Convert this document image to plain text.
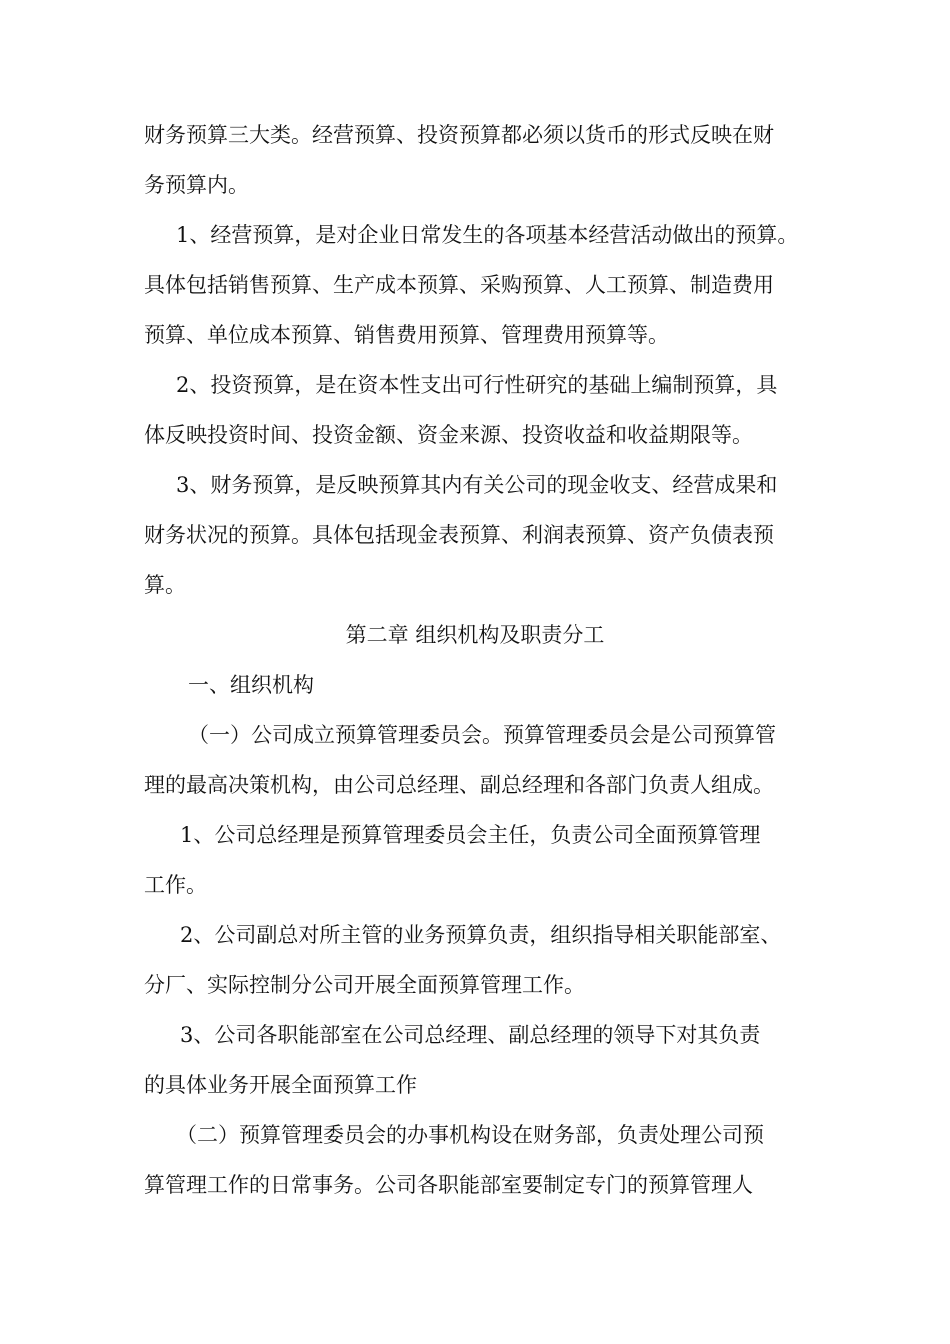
财务预算三大类。经营预算、投资预算都必须以货币的形式反映在财
务预算内。
1、经营预算，是对企业日常发生的各项基本经营活动做出的预算。
具体包括销售预算、生产成本预算、采购预算、人工预算、制造费用
预算、单位成本预算、销售费用预算、管理费用预算等。
2、投资预算，是在资本性支出可行性研究的基础上编制预算，具
体反映投资时间、投资金额、资金来源、投资收益和收益期限等。
3、财务预算，是反映预算其内有关公司的现金收支、经营成果和
财务状况的预算。具体包括现金表预算、利润表预算、资产负债表预
算。
第二章 组织机构及职责分工
一、组织机构
（一）公司成立预算管理委员会。预算管理委员会是公司预算管
理的最高决策机构，由公司总经理、副总经理和各部门负责人组成。
1、公司总经理是预算管理委员会主任，负责公司全面预算管理
工作。
2、公司副总对所主管的业务预算负责，组织指导相关职能部室、
分厂、实际控制分公司开展全面预算管理工作。
3、公司各职能部室在公司总经理、副总经理的领导下对其负责
的具体业务开展全面预算工作
（二）预算管理委员会的办事机构设在财务部，负责处理公司预
算管理工作的日常事务。公司各职能部室要制定专门的预算管理人
